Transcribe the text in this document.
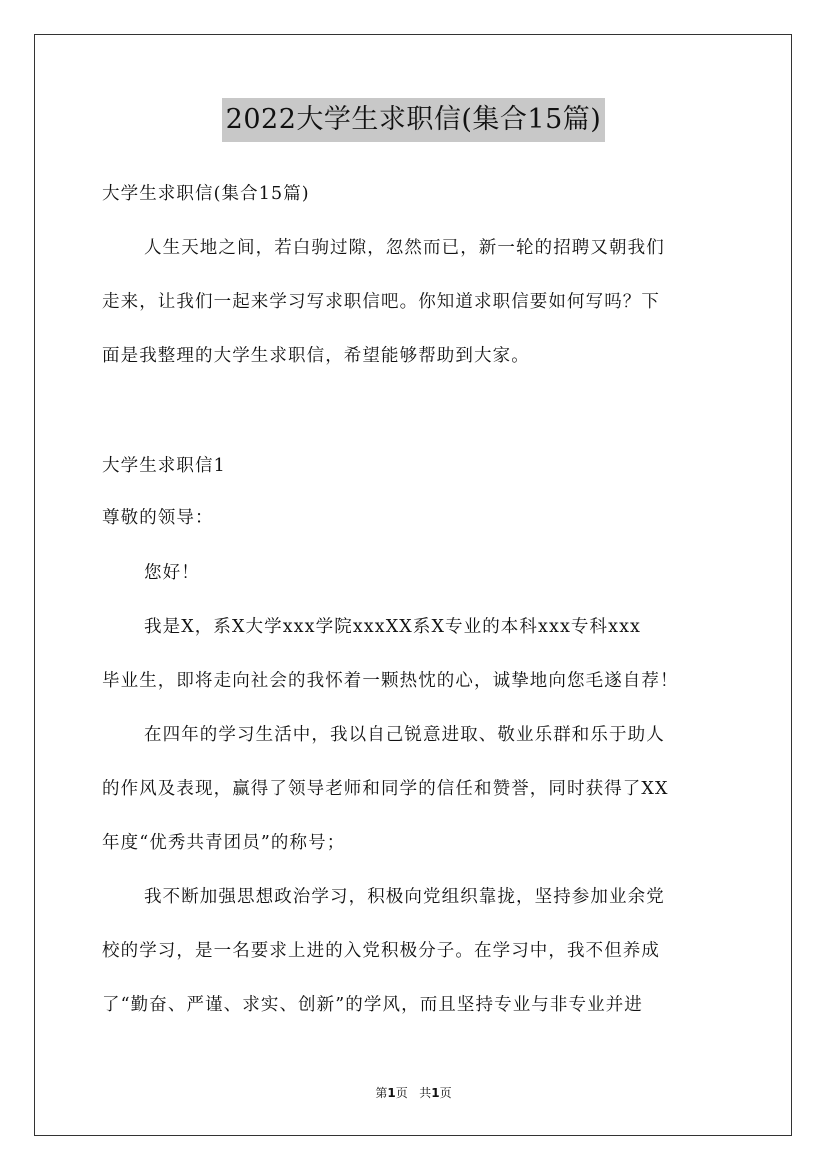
2022大学生求职信(集合15篇)
大学生求职信(集合15篇)
人生天地之间，若白驹过隙，忽然而已，新一轮的招聘又朝我们
走来，让我们一起来学习写求职信吧。你知道求职信要如何写吗？下
面是我整理的大学生求职信，希望能够帮助到大家。
大学生求职信1
尊敬的领导：
您好！
我是X，系X大学xxx学院xxxXX系X专业的本科xxx专科xxx
毕业生，即将走向社会的我怀着一颗热忱的心，诚挚地向您毛遂自荐！
在四年的学习生活中，我以自己锐意进取、敬业乐群和乐于助人
的作风及表现，赢得了领导老师和同学的信任和赞誉，同时获得了XX
年度“优秀共青团员”的称号；
我不断加强思想政治学习，积极向党组织靠拢，坚持参加业余党
校的学习，是一名要求上进的入党积极分子。在学习中，我不但养成
了“勤奋、严谨、求实、创新”的学风，而且坚持专业与非专业并进
第1页 共1页
